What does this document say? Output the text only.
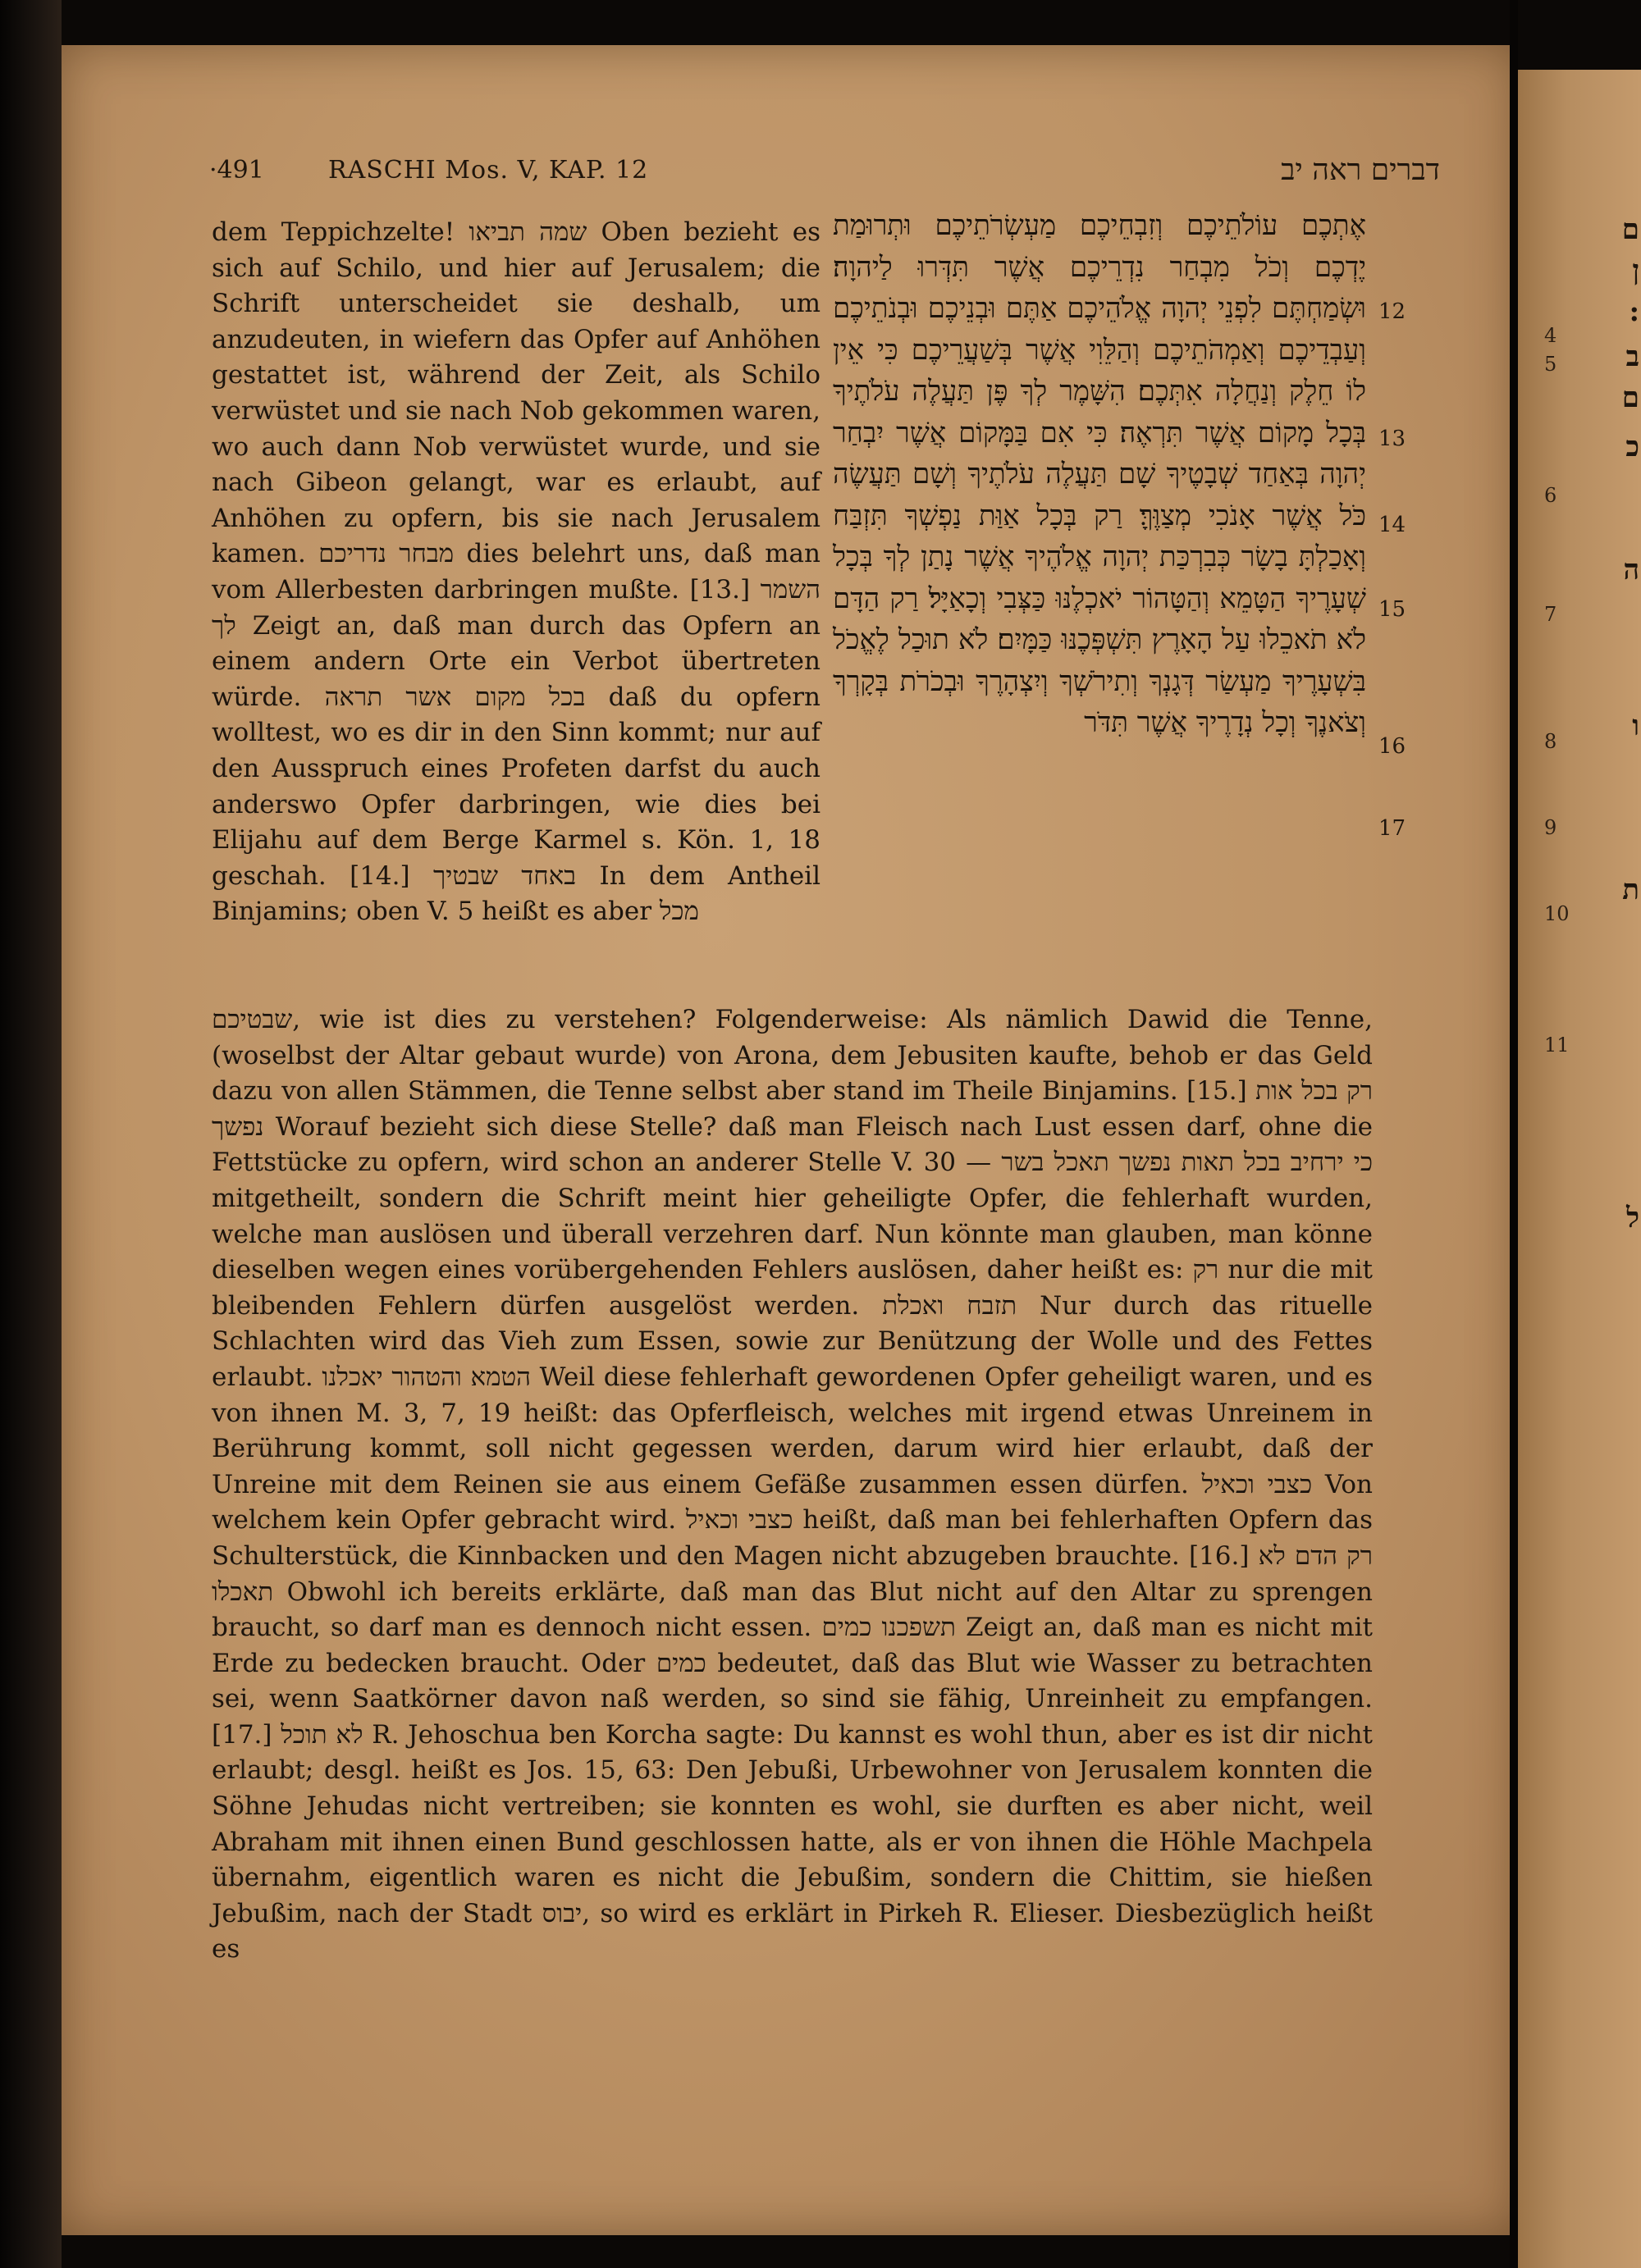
ם
ן
:
4
ב
5
ם
כ
6
ה
7
ו
8
9
ת
10
11
ל
·491	RASCHI Mos. V, KAP. 12	דברים ראה יב
אֶתְכֶם עוֹלֹתֵיכֶם וְזִבְחֵיכֶם מַעְשְׂרֹתֵיכֶם וּתְרוּמַת יֶדְכֶם וְכֹל מִבְחַר נִדְרֵיכֶם אֲשֶׁר תִּדְּרוּ לַיהוָה׃ וּשְׂמַחְתֶּם לִפְנֵי יְהוָה אֱלֹהֵיכֶם אַתֶּם וּבְנֵיכֶם וּבְנֹתֵיכֶם וְעַבְדֵיכֶם וְאַמְהֹתֵיכֶם וְהַלֵּוִי אֲשֶׁר בְּשַׁעֲרֵיכֶם כִּי אֵין לוֹ חֵלֶק וְנַחֲלָה אִתְּכֶם׃ הִשָּׁמֶר לְךָ פֶּן תַּעֲלֶה עֹלֹתֶיךָ בְּכָל מָקוֹם אֲשֶׁר תִּרְאֶה׃ כִּי אִם בַּמָּקוֹם אֲשֶׁר יִבְחַר יְהוָה בְּאַחַד שְׁבָטֶיךָ שָׁם תַּעֲלֶה עֹלֹתֶיךָ וְשָׁם תַּעֲשֶׂה כֹּל אֲשֶׁר אָנֹכִי מְצַוֶּךָּ׃ רַק בְּכָל אַוַּת נַפְשְׁךָ תִּזְבַּח וְאָכַלְתָּ בָשָׂר כְּבִרְכַּת יְהוָה אֱלֹהֶיךָ אֲשֶׁר נָתַן לְךָ בְּכָל שְׁעָרֶיךָ הַטָּמֵא וְהַטָּהוֹר יֹאכְלֶנּוּ כַּצְּבִי וְכָאַיָּל׃ רַק הַדָּם לֹא תֹאכֵלוּ עַל הָאָרֶץ תִּשְׁפְּכֶנּוּ כַּמָּיִם׃ לֹא תוּכַל לֶאֱכֹל בִּשְׁעָרֶיךָ מַעְשַׂר דְּגָנְךָ וְתִירֹשְׁךָ וְיִצְהָרֶךָ וּבְכֹרֹת בְּקָרְךָ וְצֹאנֶךָ וְכָל נְדָרֶיךָ אֲשֶׁר תִּדֹּר
12
13
14
15
16
17
dem Teppichzelte! שמה תביאו Oben bezieht es sich auf Schilo, und hier auf Jerusalem; die Schrift unterscheidet sie deshalb, um anzudeuten, in wiefern das Opfer auf Anhöhen gestattet ist, während der Zeit, als Schilo verwüstet und sie nach Nob gekommen waren, wo auch dann Nob verwüstet wurde, und sie nach Gibeon gelangt, war es erlaubt, auf Anhöhen zu opfern, bis sie nach Jerusalem kamen. מבחר נדריכם dies belehrt uns, daß man vom Allerbesten darbringen mußte. [13.] השמר לך Zeigt an, daß man durch das Opfern an einem andern Orte ein Verbot übertreten würde. בכל מקום אשר תראה daß du opfern wolltest, wo es dir in den Sinn kommt; nur auf den Ausspruch eines Profeten darfst du auch anderswo Opfer darbringen, wie dies bei Elijahu auf dem Berge Karmel s. Kön. 1, 18 geschah. [14.] באחד שבטיך In dem Antheil Binjamins; oben V. 5 heißt es aber מכל
שבטיכם, wie ist dies zu verstehen? Folgenderweise: Als nämlich Dawid die Tenne, (woselbst der Altar gebaut wurde) von Arona, dem Jebusiten kaufte, behob er das Geld dazu von allen Stämmen, die Tenne selbst aber stand im Theile Binjamins. [15.] רק בכל אות נפשך Worauf bezieht sich diese Stelle? daß man Fleisch nach Lust essen darf, ohne die Fettstücke zu opfern, wird schon an anderer Stelle V. 30 — כי ירחיב בכל תאות נפשך תאכל בשר mitgetheilt, sondern die Schrift meint hier geheiligte Opfer, die fehlerhaft wurden, welche man auslösen und überall verzehren darf. Nun könnte man glauben, man könne dieselben wegen eines vorübergehenden Fehlers auslösen, daher heißt es: רק nur die mit bleibenden Fehlern dürfen ausgelöst werden. תזבח ואכלת Nur durch das rituelle Schlachten wird das Vieh zum Essen, sowie zur Benützung der Wolle und des Fettes erlaubt. הטמא והטהור יאכלנו Weil diese fehlerhaft gewordenen Opfer geheiligt waren, und es von ihnen M. 3, 7, 19 heißt: das Opferfleisch, welches mit irgend etwas Unreinem in Berührung kommt, soll nicht gegessen werden, darum wird hier erlaubt, daß der Unreine mit dem Reinen sie aus einem Gefäße zusammen essen dürfen. כצבי וכאיל Von welchem kein Opfer gebracht wird. כצבי וכאיל heißt, daß man bei fehlerhaften Opfern das Schulterstück, die Kinnbacken und den Magen nicht abzugeben brauchte. [16.] רק הדם לא תאכלו Obwohl ich bereits erklärte, daß man das Blut nicht auf den Altar zu sprengen braucht, so darf man es dennoch nicht essen. תשפכנו כמים Zeigt an, daß man es nicht mit Erde zu bedecken braucht. Oder כמים bedeutet, daß das Blut wie Wasser zu betrachten sei, wenn Saatkörner davon naß werden, so sind sie fähig, Unreinheit zu empfangen. [17.] לא תוכל R. Jehoschua ben Korcha sagte: Du kannst es wohl thun, aber es ist dir nicht erlaubt; desgl. heißt es Jos. 15, 63: Den Jebußi, Urbewohner von Jerusalem konnten die Söhne Jehudas nicht vertreiben; sie konnten es wohl, sie durften es aber nicht, weil Abraham mit ihnen einen Bund geschlossen hatte, als er von ihnen die Höhle Machpela übernahm, eigentlich waren es nicht die Jebußim, sondern die Chittim, sie hießen Jebußim, nach der Stadt יבוס, so wird es erklärt in Pirkeh R. Elieser. Diesbezüglich heißt es
